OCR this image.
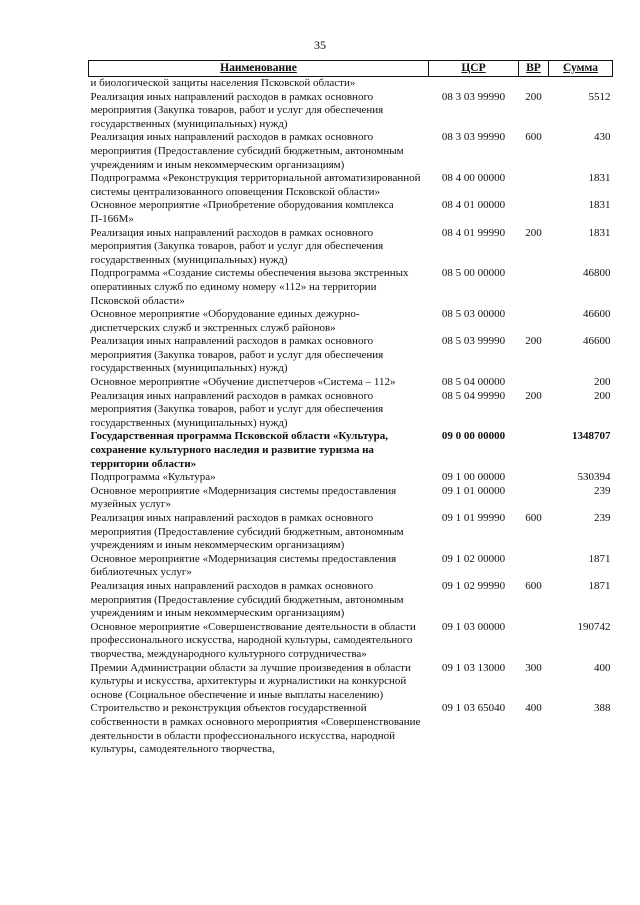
35
Наименование	ЦСР	ВР	Сумма
и биологической защиты населения Псковской области»			
Реализация иных направлений расходов в рамках основного мероприятия (Закупка товаров, работ и услуг для обеспечения государственных (муниципальных) нужд)	08 3 03 99990	200	5512
Реализация иных направлений расходов в рамках основного мероприятия (Предоставление субсидий бюджетным, автономным учреждениям и иным некоммерческим организациям)	08 3 03 99990	600	430
Подпрограмма «Реконструкция территориальной автоматизированной системы централизованного оповещения Псковской области»	08 4 00 00000		1831
Основное мероприятие «Приобретение оборудования комплекса П-166М»	08 4 01 00000		1831
Реализация иных направлений расходов в рамках основного мероприятия (Закупка товаров, работ и услуг для обеспечения государственных (муниципальных) нужд)	08 4 01 99990	200	1831
Подпрограмма «Создание системы обеспечения вызова экстренных оперативных служб по единому номеру «112» на территории Псковской области»	08 5 00 00000		46800
Основное мероприятие «Оборудование единых дежурно-диспетчерских служб и экстренных служб районов»	08 5 03 00000		46600
Реализация иных направлений расходов в рамках основного мероприятия (Закупка товаров, работ и услуг для обеспечения государственных (муниципальных) нужд)	08 5 03 99990	200	46600
Основное мероприятие «Обучение диспетчеров «Система – 112»	08 5 04 00000		200
Реализация иных направлений расходов в рамках основного мероприятия (Закупка товаров, работ и услуг для обеспечения государственных (муниципальных) нужд)	08 5 04 99990	200	200
Государственная программа Псковской области «Культура, сохранение культурного наследия и развитие туризма на территории области»	09 0 00 00000		1348707
Подпрограмма «Культура»	09 1 00 00000		530394
Основное мероприятие «Модернизация системы предоставления музейных услуг»	09 1 01 00000		239
Реализация иных направлений расходов в рамках основного мероприятия (Предоставление субсидий бюджетным, автономным учреждениям и иным некоммерческим организациям)	09 1 01 99990	600	239
Основное мероприятие «Модернизация системы предоставления библиотечных услуг»	09 1 02 00000		1871
Реализация иных направлений расходов в рамках основного мероприятия (Предоставление субсидий бюджетным, автономным учреждениям и иным некоммерческим организациям)	09 1 02 99990	600	1871
Основное мероприятие «Совершенствование деятельности в области профессионального искусства, народной культуры, самодеятельного творчества, международного культурного сотрудничества»	09 1 03 00000		190742
Премии Администрации области за лучшие произведения в области культуры и искусства, архитектуры и журналистики на конкурсной основе (Социальное обеспечение и иные выплаты населению)	09 1 03 13000	300	400
Строительство и реконструкция объектов государственной собственности в рамках основного мероприятия «Совершенствование деятельности в области профессионального искусства, народной культуры, самодеятельного творчества,	09 1 03 65040	400	388
